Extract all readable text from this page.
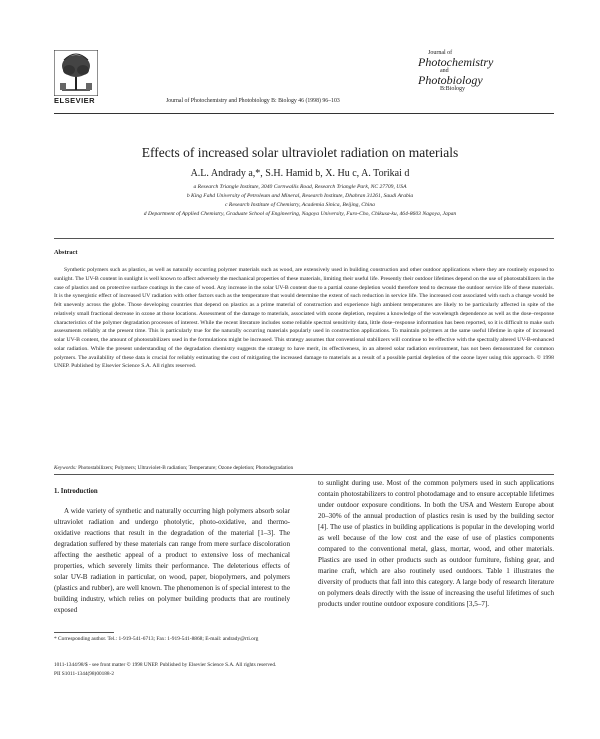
ELSEVIER	Journal of Photochemistry and Photobiology B: Biology 46 (1998) 96–103
Journal of
Photochemistry
and
Photobiology
B:Biology
Effects of increased solar ultraviolet radiation on materials
A.L. Andrady a,*, S.H. Hamid b, X. Hu c, A. Torikai d
a Research Triangle Institute, 3040 Cornwallis Road, Research Triangle Park, NC 27709, USA
b King Fahd University of Petroleum and Mineral, Research Institute, Dhahran 31261, Saudi Arabia
c Research Institute of Chemistry, Academia Sinica, Beijing, China
d Department of Applied Chemistry, Graduate School of Engineering, Nagoya University, Furo-Cho, Chikusa-ku, 464-8603 Nagoya, Japan
Abstract
Synthetic polymers such as plastics, as well as naturally occurring polymer materials such as wood, are extensively used in building construction and other outdoor applications where they are routinely exposed to sunlight. The UV-B content in sunlight is well known to affect adversely the mechanical properties of these materials, limiting their useful life. Presently their outdoor lifetimes depend on the use of photostabilizers in the case of plastics and on protective surface coatings in the case of wood. Any increase in the solar UV-B content due to a partial ozone depletion would therefore tend to decrease the outdoor service life of these materials. It is the synergistic effect of increased UV radiation with other factors such as the temperature that would determine the extent of such reduction in service life. The increased cost associated with such a change would be felt unevenly across the globe. Those developing countries that depend on plastics as a prime material of construction and experience high ambient temperatures are likely to be particularly affected in spite of the relatively small fractional decrease in ozone at those locations. Assessment of the damage to materials, associated with ozone depletion, requires a knowledge of the wavelength dependence as well as the dose–response characteristics of the polymer degradation processes of interest. While the recent literature includes some reliable spectral sensitivity data, little dose–response information has been reported, so it is difficult to make such assessments reliably at the present time. This is particularly true for the naturally occurring materials popularly used in construction applications. To maintain polymers at the same useful lifetime in spite of increased solar UV-B content, the amount of photostabilizers used in the formulations might be increased. This strategy assumes that conventional stabilizers will continue to be effective with the spectrally altered UV-B-enhanced solar radiation. While the present understanding of the degradation chemistry suggests the strategy to have merit, its effectiveness, in an altered solar radiation environment, has not been demonstrated for common polymers. The availability of these data is crucial for reliably estimating the cost of mitigating the increased damage to materials as a result of a possible partial depletion of the ozone layer using this approach. © 1998 UNEP. Published by Elsevier Science S.A. All rights reserved.
Keywords: Photostabilizers; Polymers; Ultraviolet-B radiation; Temperature; Ozone depletion; Photodegradation
1. Introduction
A wide variety of synthetic and naturally occurring high polymers absorb solar ultraviolet radiation and undergo photolytic, photo-oxidative, and thermo-oxidative reactions that result in the degradation of the material [1–3]. The degradation suffered by these materials can range from mere surface discoloration affecting the aesthetic appeal of a product to extensive loss of mechanical properties, which severely limits their performance. The deleterious effects of solar UV-B radiation in particular, on wood, paper, biopolymers, and polymers (plastics and rubber), are well known. The phenomenon is of special interest to the building industry, which relies on polymer building products that are routinely exposed
to sunlight during use. Most of the common polymers used in such applications contain photostabilizers to control photodamage and to ensure acceptable lifetimes under outdoor exposure conditions. In both the USA and Western Europe about 20–30% of the annual production of plastics resin is used by the building sector [4]. The use of plastics in building applications is popular in the developing world as well because of the low cost and the ease of use of plastics components compared to the conventional metal, glass, mortar, wood, and other materials. Plastics are used in other products such as outdoor furniture, fishing gear, and marine craft, which are also routinely used outdoors. Table 1 illustrates the diversity of products that fall into this category. A large body of research literature on polymers deals directly with the issue of increasing the useful lifetimes of such products under routine outdoor exposure conditions [3,5–7].
* Corresponding author. Tel.: 1-919-541-6713; Fax: 1-919-541-8868; E-mail: andrady@rti.org
1011-1344/98/$ - see front matter © 1998 UNEP. Published by Elsevier Science S.A. All rights reserved.
PII S1011-1344(98)00188-2
